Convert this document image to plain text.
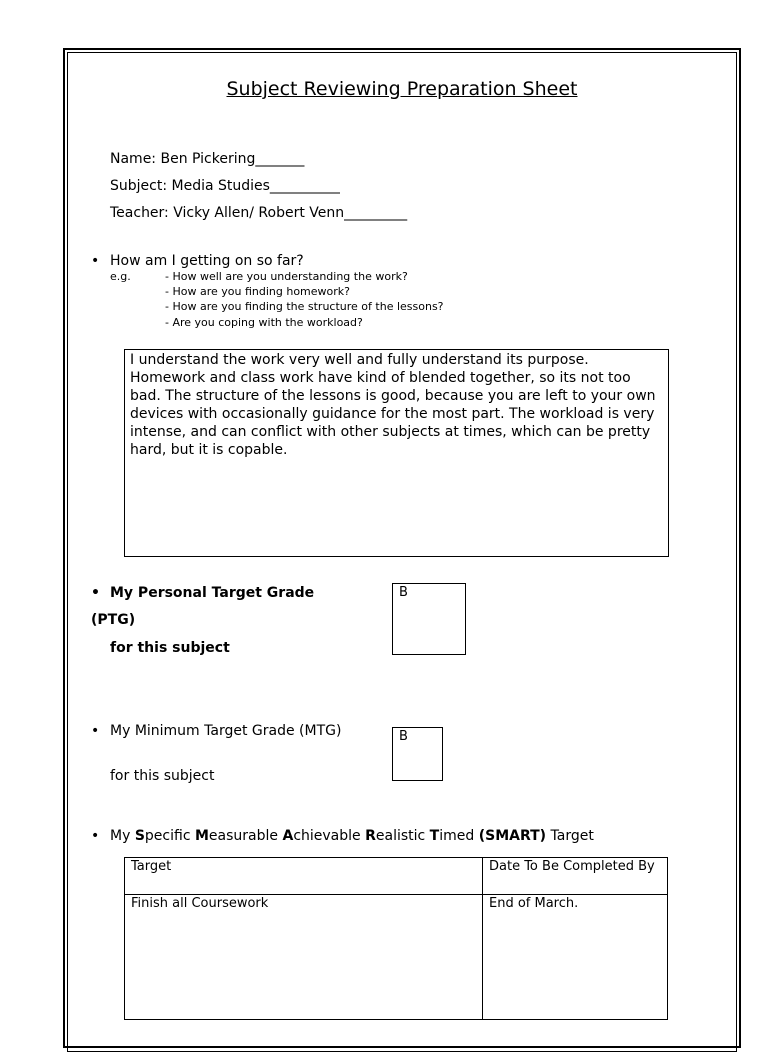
Subject Reviewing Preparation Sheet
Name: Ben Pickering_______
Subject: Media Studies__________
Teacher: Vicky Allen/ Robert Venn_________
• How am I getting on so far?
e.g.	- How well are you understanding the work?
- How are you finding homework?
- How are you finding the structure of the lessons?
- Are you coping with the workload?
I understand the work very well and fully understand its purpose. Homework and class work have kind of blended together, so its not too bad. The structure of the lessons is good, because you are left to your own devices with occasionally guidance for the most part. The workload is very intense, and can conflict with other subjects at times, which can be pretty hard, but it is copable.
• My Personal Target Grade
(PTG)
for this subject
B
• My Minimum Target Grade (MTG)
for this subject
B
• My Specific Measurable Achievable Realistic Timed (SMART) Target
Target	Date To Be Completed By
Finish all Coursework	End of March.
